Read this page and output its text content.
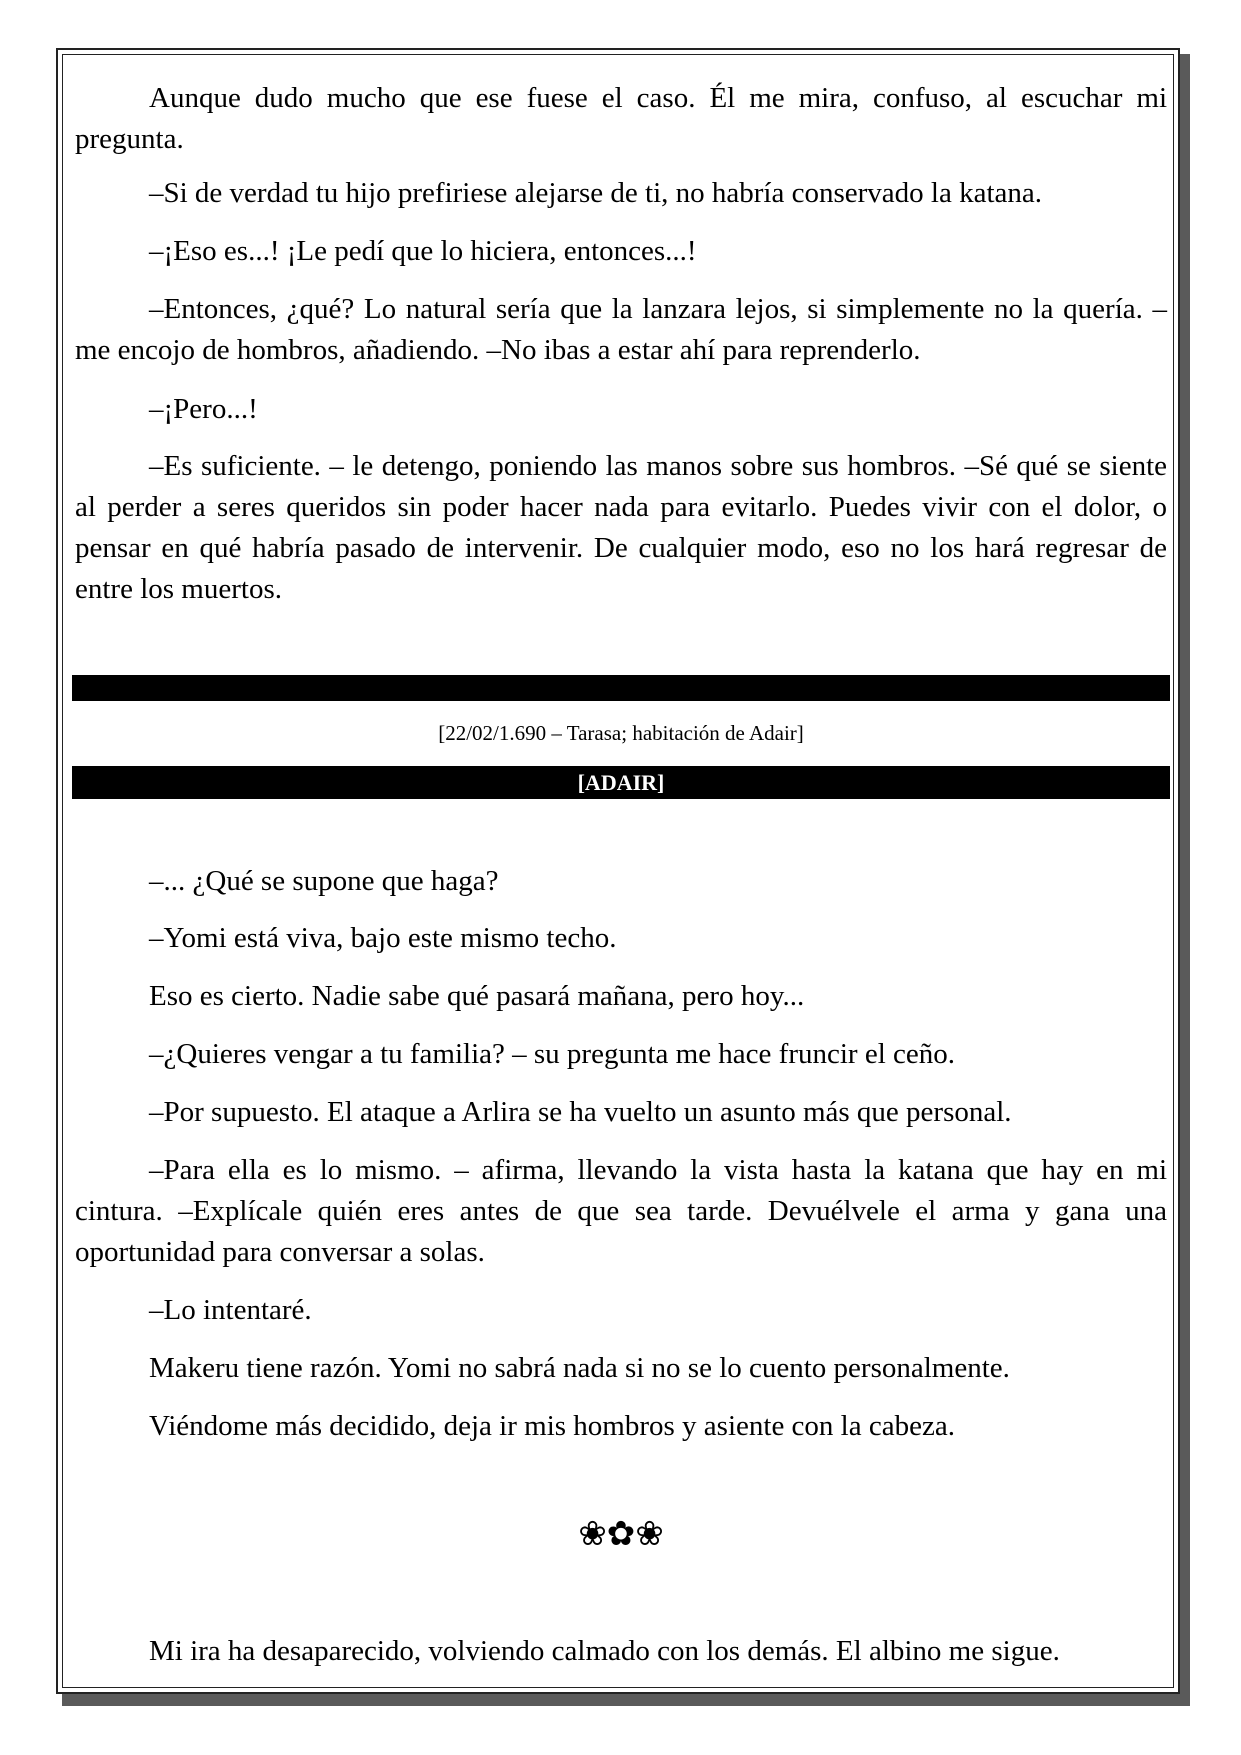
Aunque dudo mucho que ese fuese el caso. Él me mira, confuso, al escuchar mi pregunta.

–Si de verdad tu hijo prefiriese alejarse de ti, no habría conservado la katana.

–¡Eso es...! ¡Le pedí que lo hiciera, entonces...!

–Entonces, ¿qué? Lo natural sería que la lanzara lejos, si simplemente no la quería. – me encojo de hombros, añadiendo. –No ibas a estar ahí para reprenderlo.

–¡Pero...!

–Es suficiente. – le detengo, poniendo las manos sobre sus hombros. –Sé qué se siente al perder a seres queridos sin poder hacer nada para evitarlo. Puedes vivir con el dolor, o pensar en qué habría pasado de intervenir. De cualquier modo, eso no los hará regresar de entre los muertos.

[22/02/1.690 – Tarasa; habitación de Adair]
[ADAIR]

–... ¿Qué se supone que haga?

–Yomi está viva, bajo este mismo techo.

Eso es cierto. Nadie sabe qué pasará mañana, pero hoy...

–¿Quieres vengar a tu familia? – su pregunta me hace fruncir el ceño.

–Por supuesto. El ataque a Arlira se ha vuelto un asunto más que personal.

–Para ella es lo mismo. – afirma, llevando la vista hasta la katana que hay en mi cintura. –Explícale quién eres antes de que sea tarde. Devuélvele el arma y gana una oportunidad para conversar a solas.

–Lo intentaré.

Makeru tiene razón. Yomi no sabrá nada si no se lo cuento personalmente.

Viéndome más decidido, deja ir mis hombros y asiente con la cabeza.

❀✿❀

Mi ira ha desaparecido, volviendo calmado con los demás. El albino me sigue.
